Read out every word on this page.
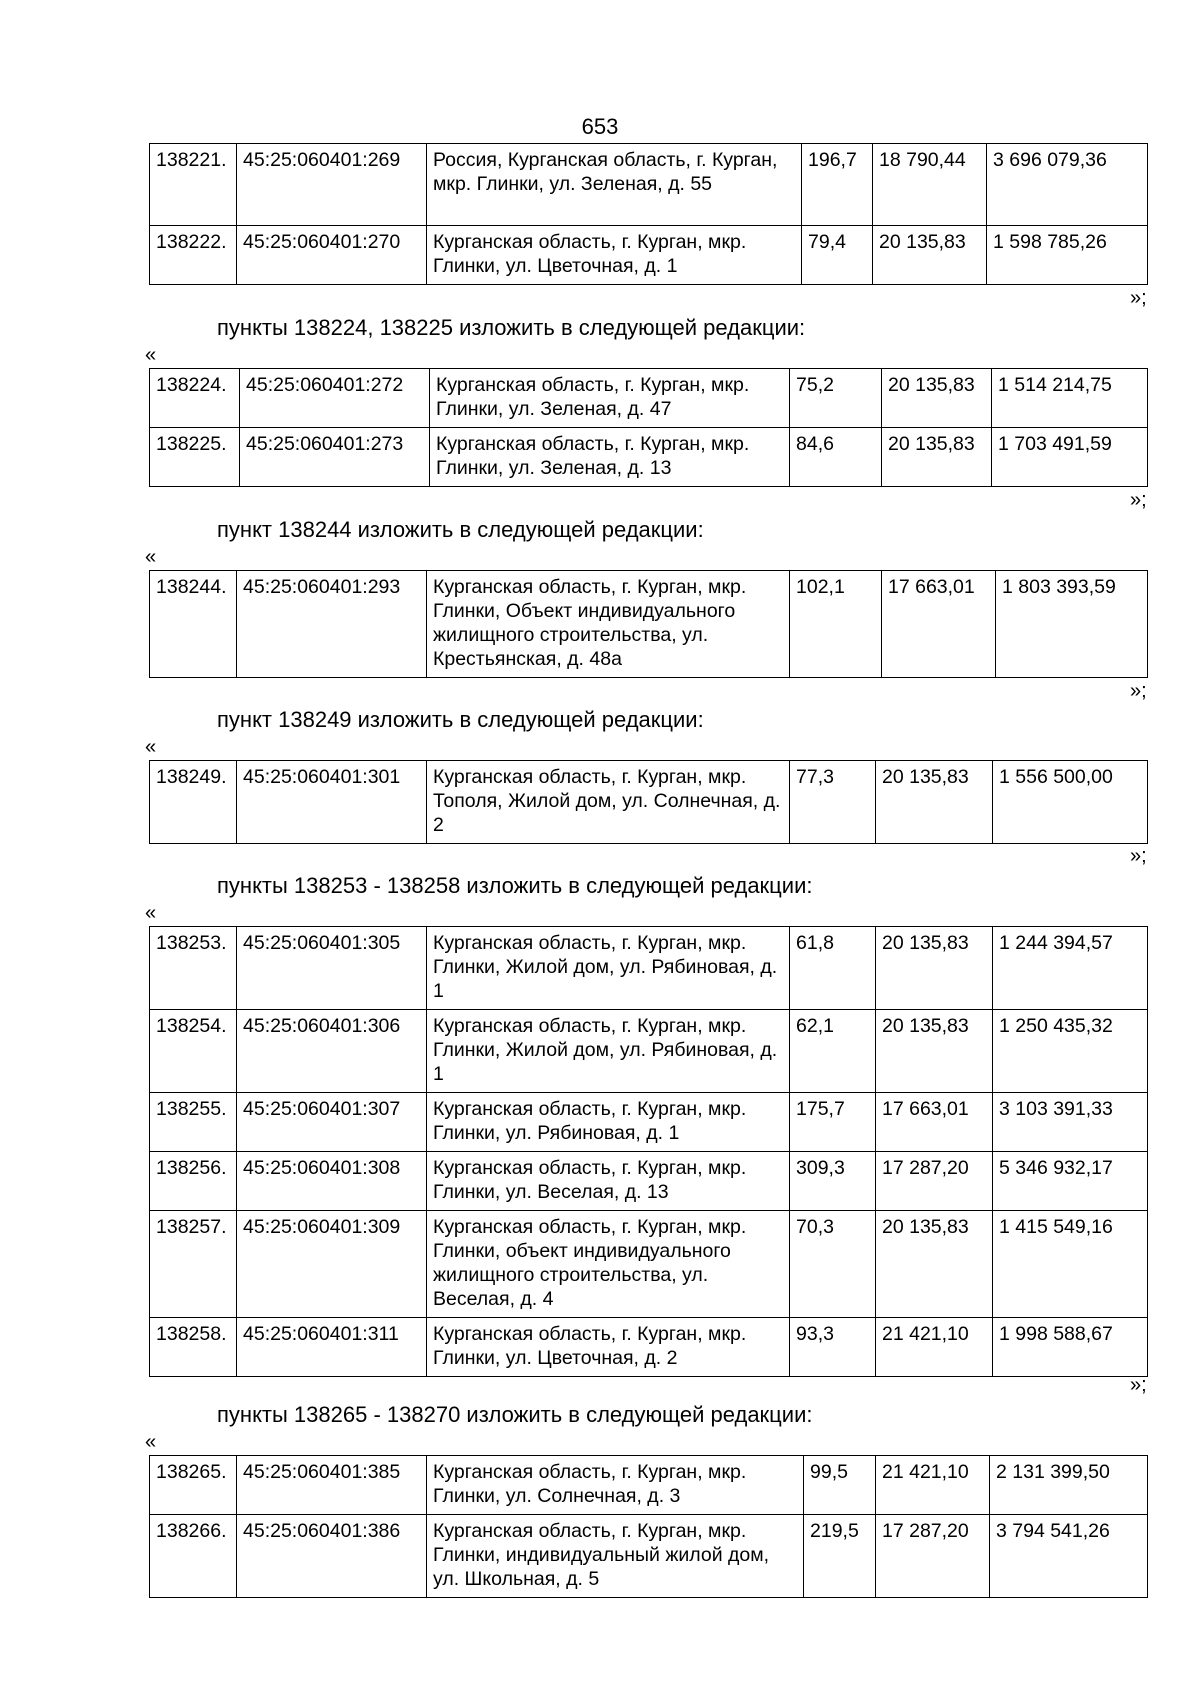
653
138221.	45:25:060401:269	Россия, Курганская область, г. Курган, мкр. Глинки, ул. Зеленая, д. 55	196,7	18 790,44	3 696 079,36
138222.	45:25:060401:270	Курганская область, г. Курган, мкр. Глинки, ул. Цветочная, д. 1	79,4	20 135,83	1 598 785,26
»;
пункты 138224, 138225 изложить в следующей редакции:
«
138224.	45:25:060401:272	Курганская область, г. Курган, мкр. Глинки, ул. Зеленая, д. 47	75,2	20 135,83	1 514 214,75
138225.	45:25:060401:273	Курганская область, г. Курган, мкр. Глинки, ул. Зеленая, д. 13	84,6	20 135,83	1 703 491,59
»;
пункт 138244 изложить в следующей редакции:
«
138244.	45:25:060401:293	Курганская область, г. Курган, мкр. Глинки, Объект индивидуального жилищного строительства, ул. Крестьянская, д. 48а	102,1	17 663,01	1 803 393,59
»;
пункт 138249 изложить в следующей редакции:
«
138249.	45:25:060401:301	Курганская область, г. Курган, мкр. Тополя, Жилой дом, ул. Солнечная, д. 2	77,3	20 135,83	1 556 500,00
»;
пункты 138253 - 138258 изложить в следующей редакции:
«
138253.	45:25:060401:305	Курганская область, г. Курган, мкр. Глинки, Жилой дом, ул. Рябиновая, д. 1	61,8	20 135,83	1 244 394,57
138254.	45:25:060401:306	Курганская область, г. Курган, мкр. Глинки, Жилой дом, ул. Рябиновая, д. 1	62,1	20 135,83	1 250 435,32
138255.	45:25:060401:307	Курганская область, г. Курган, мкр. Глинки, ул. Рябиновая, д. 1	175,7	17 663,01	3 103 391,33
138256.	45:25:060401:308	Курганская область, г. Курган, мкр. Глинки, ул. Веселая, д. 13	309,3	17 287,20	5 346 932,17
138257.	45:25:060401:309	Курганская область, г. Курган, мкр. Глинки, объект индивидуального жилищного строительства, ул. Веселая, д. 4	70,3	20 135,83	1 415 549,16
138258.	45:25:060401:311	Курганская область, г. Курган, мкр. Глинки, ул. Цветочная, д. 2	93,3	21 421,10	1 998 588,67
»;
пункты 138265 - 138270 изложить в следующей редакции:
«
138265.	45:25:060401:385	Курганская область, г. Курган, мкр. Глинки, ул. Солнечная, д. 3	99,5	21 421,10	2 131 399,50
138266.	45:25:060401:386	Курганская область, г. Курган, мкр. Глинки, индивидуальный жилой дом, ул. Школьная, д. 5	219,5	17 287,20	3 794 541,26
